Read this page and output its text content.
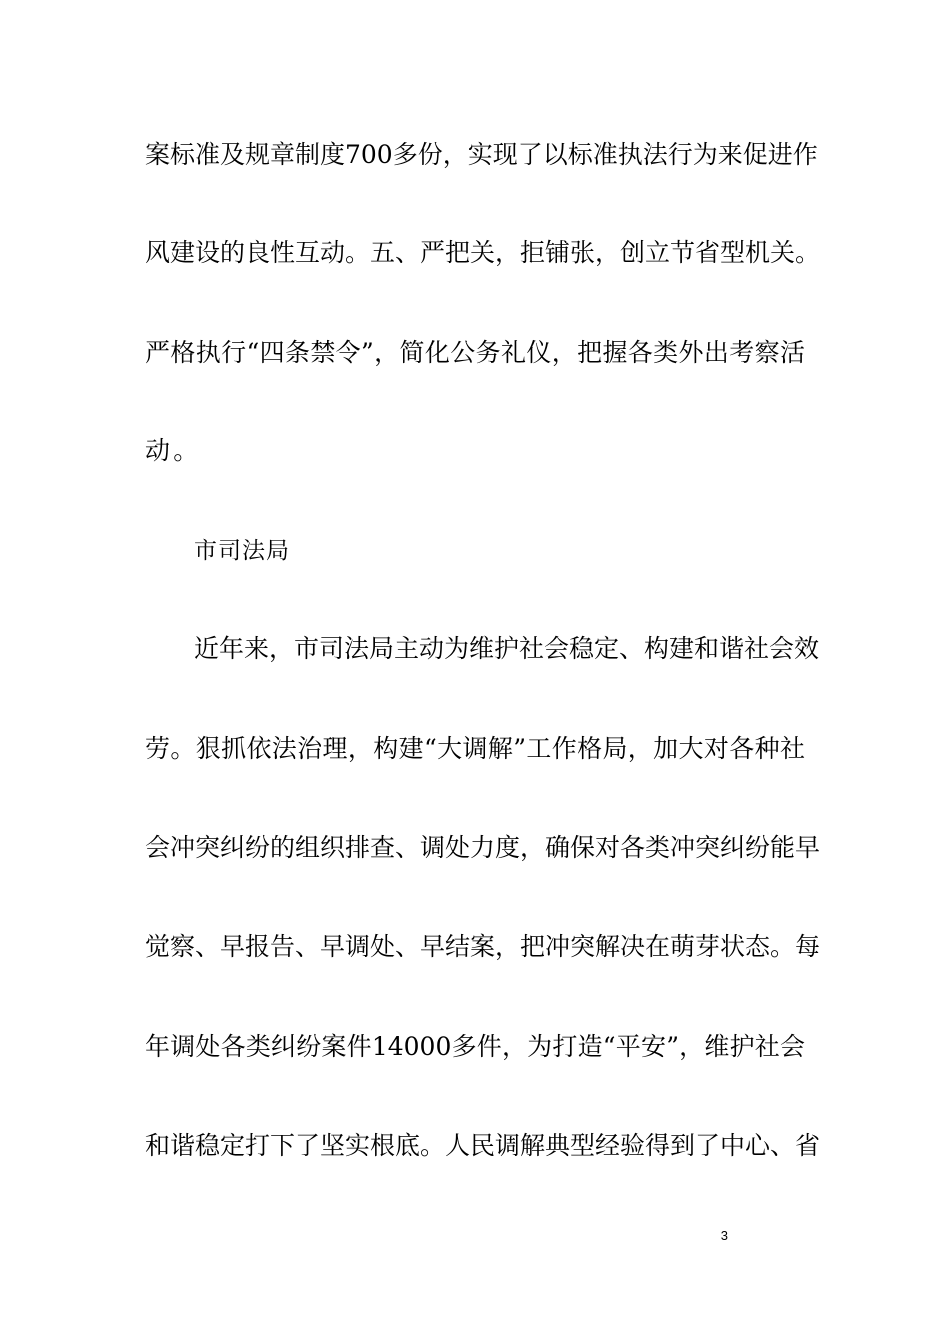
案标准及规章制度700多份，实现了以标准执法行为来促进作
风建设的良性互动。五、严把关，拒铺张，创立节省型机关。
严格执行“四条禁令”，简化公务礼仪，把握各类外出考察活
动。
市司法局
近年来，市司法局主动为维护社会稳定、构建和谐社会效
劳。狠抓依法治理，构建“大调解”工作格局，加大对各种社
会冲突纠纷的组织排查、调处力度，确保对各类冲突纠纷能早
觉察、早报告、早调处、早结案，把冲突解决在萌芽状态。每
年调处各类纠纷案件14000多件，为打造“平安”，维护社会
和谐稳定打下了坚实根底。人民调解典型经验得到了中心、省
3
